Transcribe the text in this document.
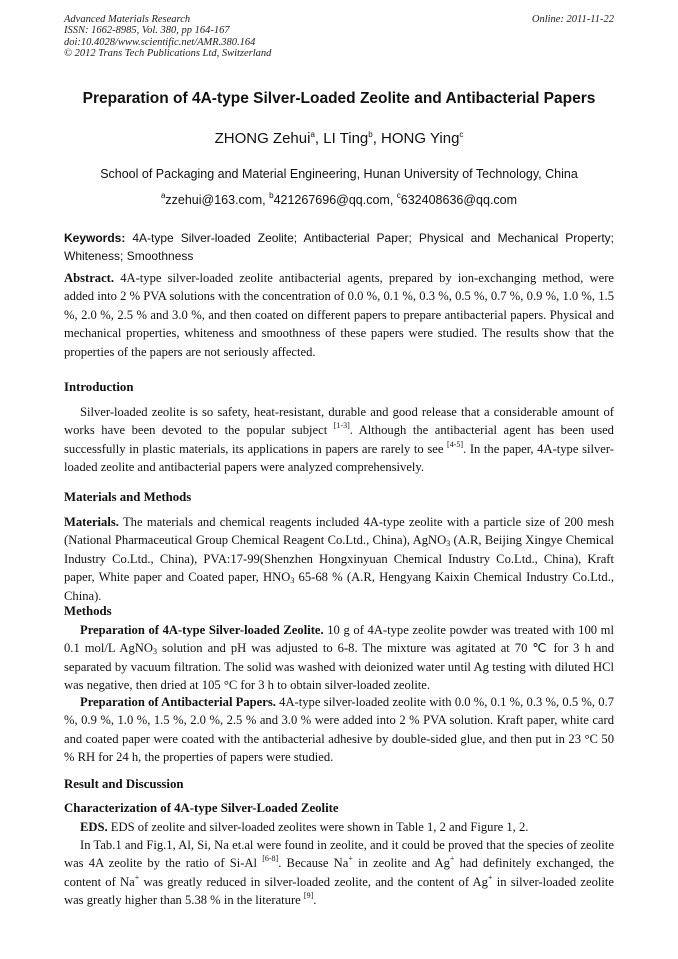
Advanced Materials Research
ISSN: 1662-8985, Vol. 380, pp 164-167
doi:10.4028/www.scientific.net/AMR.380.164
© 2012 Trans Tech Publications Ltd, Switzerland
Online: 2011-11-22
Preparation of 4A-type Silver-Loaded Zeolite and Antibacterial Papers
ZHONG Zehui$^a$, LI Ting$^b$, HONG Ying$^c$
School of Packaging and Material Engineering, Hunan University of Technology, China
$^a$zzehui@163.com, $^b$421267696@qq.com, $^c$632408636@qq.com
Keywords: 4A-type Silver-loaded Zeolite; Antibacterial Paper; Physical and Mechanical Property; Whiteness; Smoothness
Abstract. 4A-type silver-loaded zeolite antibacterial agents, prepared by ion-exchanging method, were added into 2 % PVA solutions with the concentration of 0.0 %, 0.1 %, 0.3 %, 0.5 %, 0.7 %, 0.9 %, 1.0 %, 1.5 %, 2.0 %, 2.5 % and 3.0 %, and then coated on different papers to prepare antibacterial papers. Physical and mechanical properties, whiteness and smoothness of these papers were studied. The results show that the properties of the papers are not seriously affected.
Introduction
Silver-loaded zeolite is so safety, heat-resistant, durable and good release that a considerable amount of works have been devoted to the popular subject [1-3]. Although the antibacterial agent has been used successfully in plastic materials, its applications in papers are rarely to see [4-5]. In the paper, 4A-type silver-loaded zeolite and antibacterial papers were analyzed comprehensively.
Materials and Methods
Materials. The materials and chemical reagents included 4A-type zeolite with a particle size of 200 mesh (National Pharmaceutical Group Chemical Reagent Co.Ltd., China), AgNO$_3$ (A.R, Beijing Xingye Chemical Industry Co.Ltd., China), PVA:17-99(Shenzhen Hongxinyuan Chemical Industry Co.Ltd., China), Kraft paper, White paper and Coated paper, $HNO_3$ 65-68 % (A.R, Hengyang Kaixin Chemical Industry Co.Ltd., China).
Methods
Preparation of 4A-type Silver-loaded Zeolite. 10 g of 4A-type zeolite powder was treated with 100 ml 0.1 mol/L AgNO$_3$ solution and pH was adjusted to 6-8. The mixture was agitated at 70 ℃ for 3 h and separated by vacuum filtration. The solid was washed with deionized water until Ag testing with diluted HCl was negative, then dried at 105 °C for 3 h to obtain silver-loaded zeolite.
Preparation of Antibacterial Papers. 4A-type silver-loaded zeolite with 0.0 %, 0.1 %, 0.3 %, 0.5 %, 0.7 %, 0.9 %, 1.0 %, 1.5 %, 2.0 %, 2.5 % and 3.0 % were added into 2 % PVA solution. Kraft paper, white card and coated paper were coated with the antibacterial adhesive by double-sided glue, and then put in 23 °C 50 % RH for 24 h, the properties of papers were studied.
Result and Discussion
Characterization of 4A-type Silver-Loaded Zeolite
EDS. EDS of zeolite and silver-loaded zeolites were shown in Table 1, 2 and Figure 1, 2.
In Tab.1 and Fig.1, Al, Si, Na et.al were found in zeolite, and it could be proved that the species of zeolite was 4A zeolite by the ratio of Si-Al [6-8]. Because Na+ in zeolite and Ag+ had definitely exchanged, the content of Na+ was greatly reduced in silver-loaded zeolite, and the content of Ag+ in silver-loaded zeolite was greatly higher than 5.38 % in the literature [9].
